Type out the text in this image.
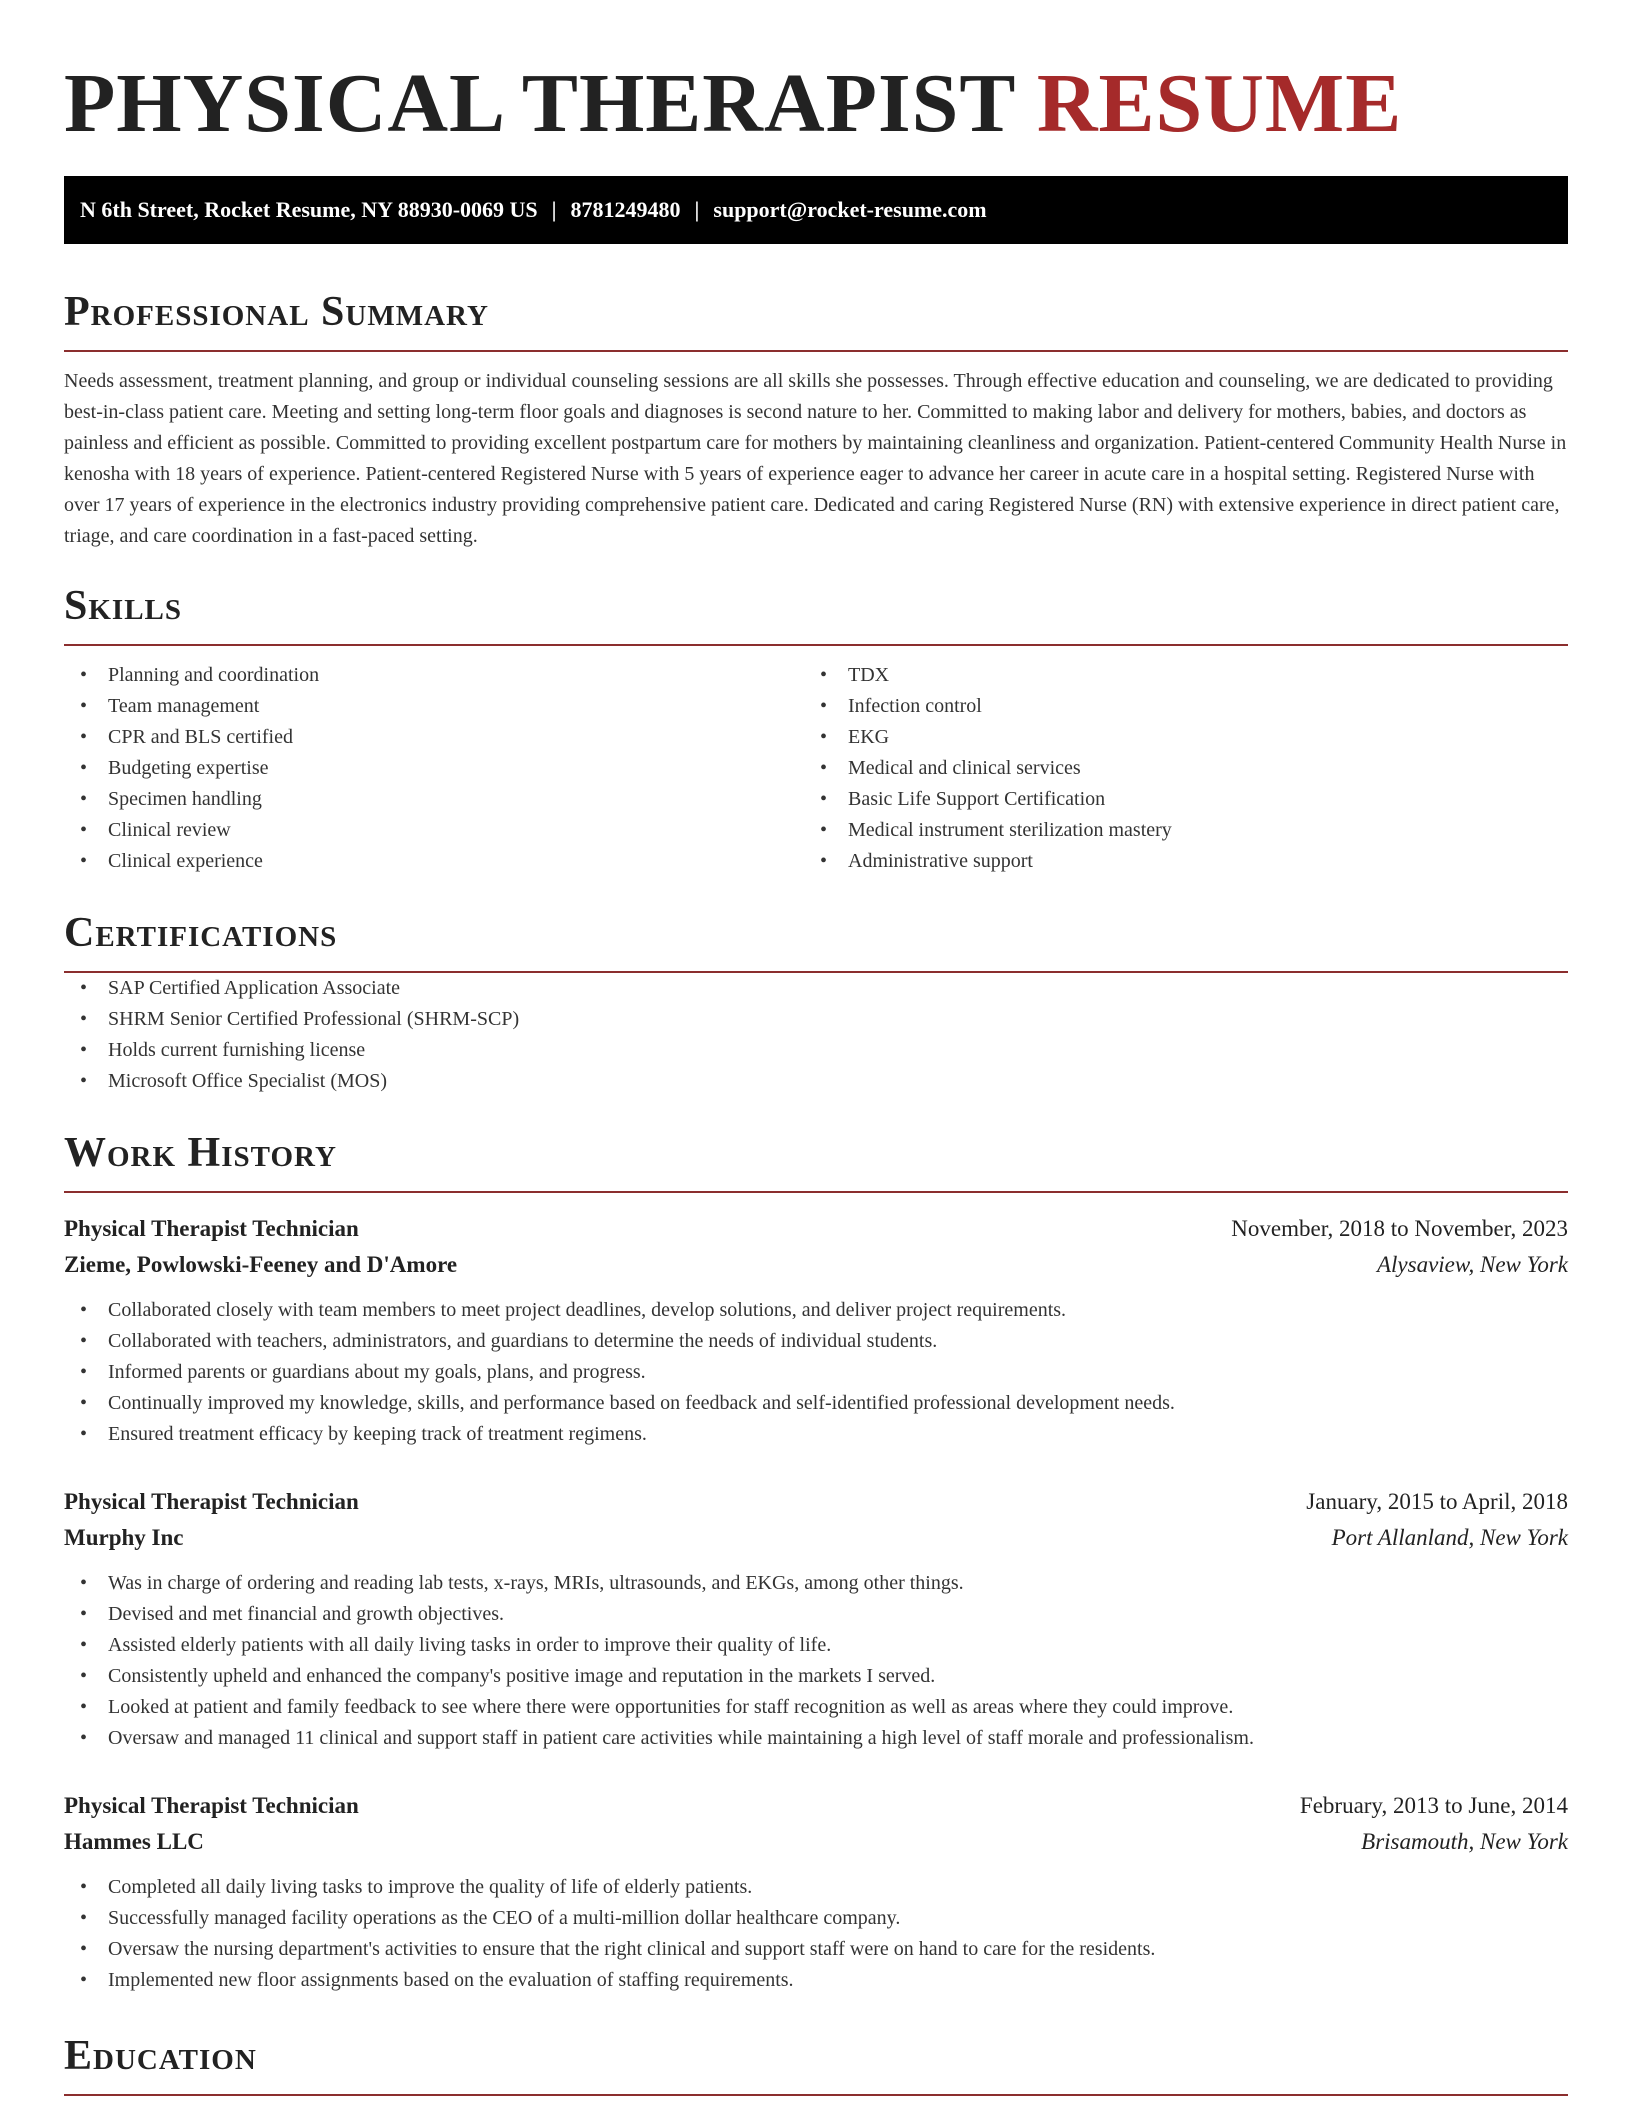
PHYSICAL THERAPIST RESUME
N 6th Street, Rocket Resume, NY 88930-0069 US | 8781249480 | support@rocket-resume.com
Professional Summary

Needs assessment, treatment planning, and group or individual counseling sessions are all skills she possesses. Through effective education and counseling, we are dedicated to providing best-in-class patient care. Meeting and setting long-term floor goals and diagnoses is second nature to her. Committed to making labor and delivery for mothers, babies, and doctors as painless and efficient as possible. Committed to providing excellent postpartum care for mothers by maintaining cleanliness and organization. Patient-centered Community Health Nurse in kenosha with 18 years of experience. Patient-centered Registered Nurse with 5 years of experience eager to advance her career in acute care in a hospital setting. Registered Nurse with over 17 years of experience in the electronics industry providing comprehensive patient care. Dedicated and caring Registered Nurse (RN) with extensive experience in direct patient care, triage, and care coordination in a fast-paced setting.

Skills
• Planning and coordination
• Team management
• CPR and BLS certified
• Budgeting expertise
• Specimen handling
• Clinical review
• Clinical experience
• TDX
• Infection control
• EKG
• Medical and clinical services
• Basic Life Support Certification
• Medical instrument sterilization mastery
• Administrative support
Certifications
• SAP Certified Application Associate
• SHRM Senior Certified Professional (SHRM-SCP)
• Holds current furnishing license
• Microsoft Office Specialist (MOS)
Work History
Physical Therapist Technician	November, 2018 to November, 2023
Zieme, Powlowski-Feeney and D'Amore	Alysaview, New York
• Collaborated closely with team members to meet project deadlines, develop solutions, and deliver project requirements.
• Collaborated with teachers, administrators, and guardians to determine the needs of individual students.
• Informed parents or guardians about my goals, plans, and progress.
• Continually improved my knowledge, skills, and performance based on feedback and self-identified professional development needs.
• Ensured treatment efficacy by keeping track of treatment regimens.
Physical Therapist Technician	January, 2015 to April, 2018
Murphy Inc	Port Allanland, New York
• Was in charge of ordering and reading lab tests, x-rays, MRIs, ultrasounds, and EKGs, among other things.
• Devised and met financial and growth objectives.
• Assisted elderly patients with all daily living tasks in order to improve their quality of life.
• Consistently upheld and enhanced the company's positive image and reputation in the markets I served.
• Looked at patient and family feedback to see where there were opportunities for staff recognition as well as areas where they could improve.
• Oversaw and managed 11 clinical and support staff in patient care activities while maintaining a high level of staff morale and professionalism.
Physical Therapist Technician	February, 2013 to June, 2014
Hammes LLC	Brisamouth, New York
• Completed all daily living tasks to improve the quality of life of elderly patients.
• Successfully managed facility operations as the CEO of a multi-million dollar healthcare company.
• Oversaw the nursing department's activities to ensure that the right clinical and support staff were on hand to care for the residents.
• Implemented new floor assignments based on the evaluation of staffing requirements.
Education
